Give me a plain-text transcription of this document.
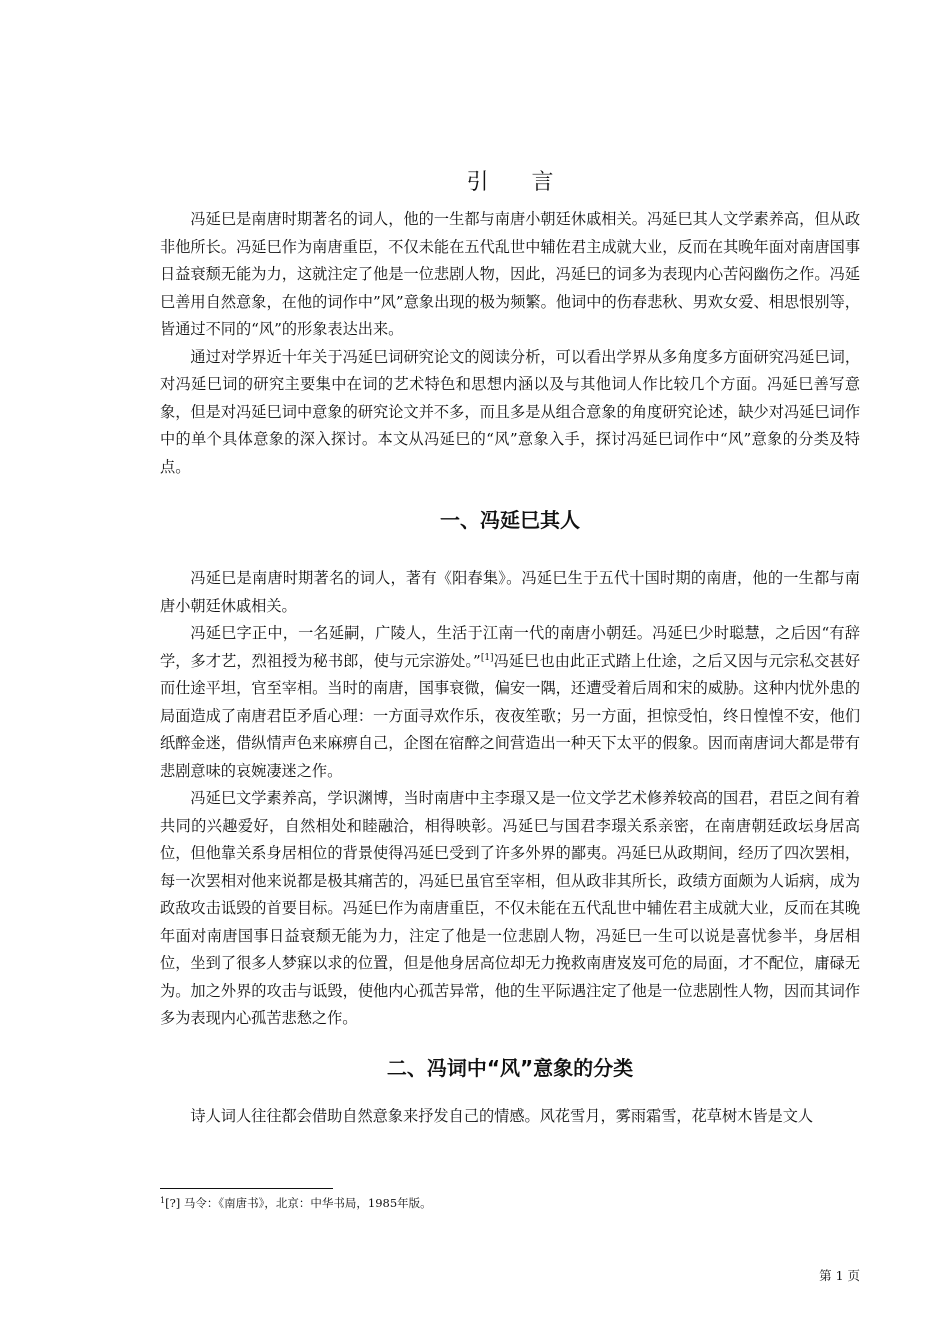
引 言

冯延巳是南唐时期著名的词人，他的一生都与南唐小朝廷休戚相关。冯延巳其人文学素养高，但从政非他所长。冯延巳作为南唐重臣，不仅未能在五代乱世中辅佐君主成就大业，反而在其晚年面对南唐国事日益衰颓无能为力，这就注定了他是一位悲剧人物，因此，冯延巳的词多为表现内心苦闷幽伤之作。冯延巳善用自然意象，在他的词作中”风”意象出现的极为频繁。他词中的伤春悲秋、男欢女爱、相思恨别等，皆通过不同的“风”的形象表达出来。

通过对学界近十年关于冯延巳词研究论文的阅读分析，可以看出学界从多角度多方面研究冯延巳词，对冯延巳词的研究主要集中在词的艺术特色和思想内涵以及与其他词人作比较几个方面。冯延巳善写意象，但是对冯延巳词中意象的研究论文并不多，而且多是从组合意象的角度研究论述，缺少对冯延巳词作中的单个具体意象的深入探讨。本文从冯延巳的“风”意象入手，探讨冯延巳词作中“风”意象的分类及特点。

一、冯延巳其人

冯延巳是南唐时期著名的词人，著有《阳春集》。冯延巳生于五代十国时期的南唐，他的一生都与南唐小朝廷休戚相关。

冯延巳字正中，一名延嗣，广陵人，生活于江南一代的南唐小朝廷。冯延巳少时聪慧，之后因“有辞学，多才艺，烈祖授为秘书郎，使与元宗游处。”[1]冯延巳也由此正式踏上仕途，之后又因与元宗私交甚好而仕途平坦，官至宰相。当时的南唐，国事衰微，偏安一隅，还遭受着后周和宋的威胁。这种内忧外患的局面造成了南唐君臣矛盾心理：一方面寻欢作乐，夜夜笙歌；另一方面，担惊受怕，终日惶惶不安，他们纸醉金迷，借纵情声色来麻痹自己，企图在宿醉之间营造出一种天下太平的假象。因而南唐词大都是带有悲剧意味的哀婉凄迷之作。

冯延巳文学素养高，学识渊博，当时南唐中主李璟又是一位文学艺术修养较高的国君，君臣之间有着共同的兴趣爱好，自然相处和睦融洽，相得映彰。冯延巳与国君李璟关系亲密，在南唐朝廷政坛身居高位，但他靠关系身居相位的背景使得冯延巳受到了许多外界的鄙夷。冯延巳从政期间，经历了四次罢相，每一次罢相对他来说都是极其痛苦的，冯延巳虽官至宰相，但从政非其所长，政绩方面颇为人诟病，成为政敌攻击诋毁的首要目标。冯延巳作为南唐重臣，不仅未能在五代乱世中辅佐君主成就大业，反而在其晚年面对南唐国事日益衰颓无能为力，注定了他是一位悲剧人物，冯延巳一生可以说是喜忧参半，身居相位，坐到了很多人梦寐以求的位置，但是他身居高位却无力挽救南唐岌岌可危的局面，才不配位，庸碌无为。加之外界的攻击与诋毁，使他内心孤苦异常，他的生平际遇注定了他是一位悲剧性人物，因而其词作多为表现内心孤苦悲愁之作。

二、冯词中“风”意象的分类

诗人词人往往都会借助自然意象来抒发自己的情感。风花雪月，雾雨霜雪，花草树木皆是文人

$^1$[?] 马令：《南唐书》，北京：中华书局，1985年版。
第 1 页
